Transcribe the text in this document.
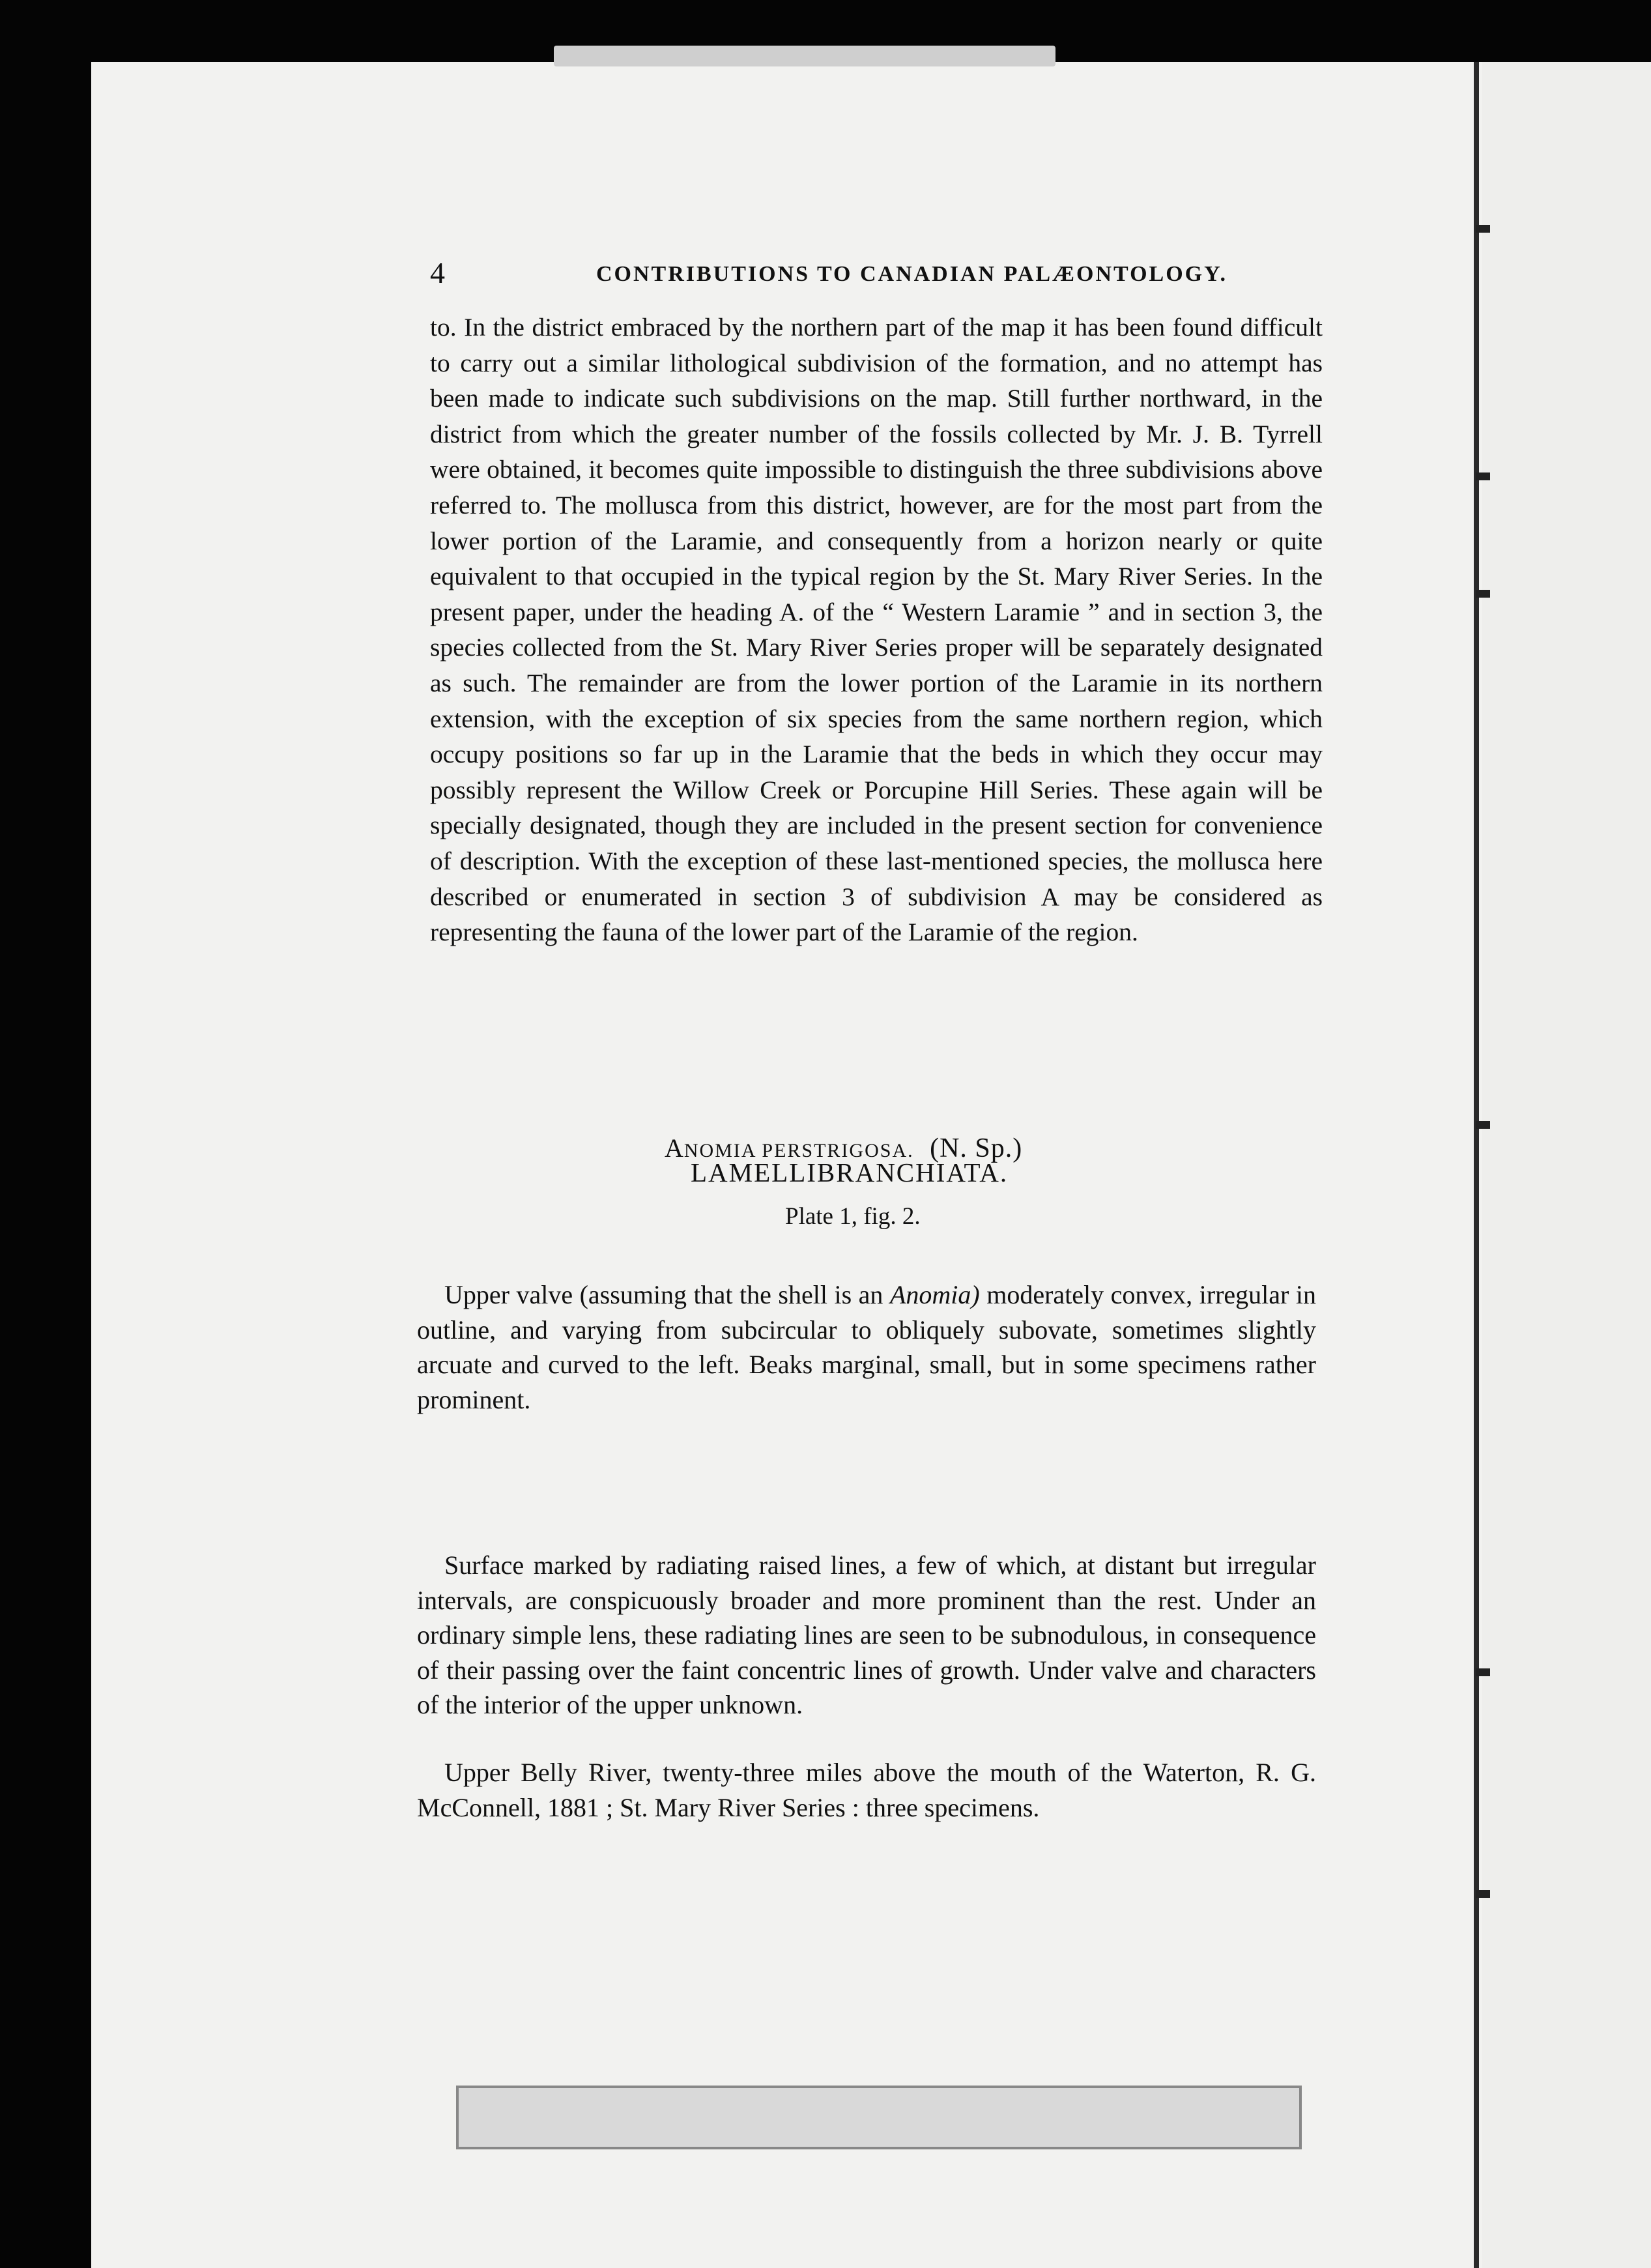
4	CONTRIBUTIONS TO CANADIAN PALÆONTOLOGY.

to. In the district embraced by the northern part of the map it has been found difficult to carry out a similar lithological subdivision of the formation, and no attempt has been made to indicate such subdivisions on the map. Still further northward, in the district from which the greater number of the fossils collected by Mr. J. B. Tyrrell were obtained, it becomes quite impossible to distinguish the three subdivisions above referred to. The mollusca from this district, however, are for the most part from the lower portion of the Laramie, and consequently from a horizon nearly or quite equivalent to that occupied in the typical region by the St. Mary River Series. In the present paper, under the heading A. of the “ Western Laramie ” and in section 3, the species collected from the St. Mary River Series proper will be separately designated as such. The remainder are from the lower portion of the Laramie in its northern extension, with the exception of six species from the same northern region, which occupy positions so far up in the Laramie that the beds in which they occur may possibly represent the Willow Creek or Porcupine Hill Series. These again will be specially designated, though they are included in the present section for convenience of description. With the exception of these last-mentioned species, the mollusca here described or enumerated in section 3 of subdivision A may be considered as representing the fauna of the lower part of the Laramie of the region.

LAMELLIBRANCHIATA.
ANOMIA PERSTRIGOSA. (N. Sp.)
Plate 1, fig. 2.

Upper valve (assuming that the shell is an Anomia) moderately convex, irregular in outline, and varying from subcircular to obliquely subovate, sometimes slightly arcuate and curved to the left. Beaks marginal, small, but in some specimens rather prominent.

Surface marked by radiating raised lines, a few of which, at distant but irregular intervals, are conspicuously broader and more prominent than the rest. Under an ordinary simple lens, these radiating lines are seen to be subnodulous, in consequence of their passing over the faint concentric lines of growth. Under valve and characters of the interior of the upper unknown.

Upper Belly River, twenty-three miles above the mouth of the Waterton, R. G. McConnell, 1881 ; St. Mary River Series : three specimens.
